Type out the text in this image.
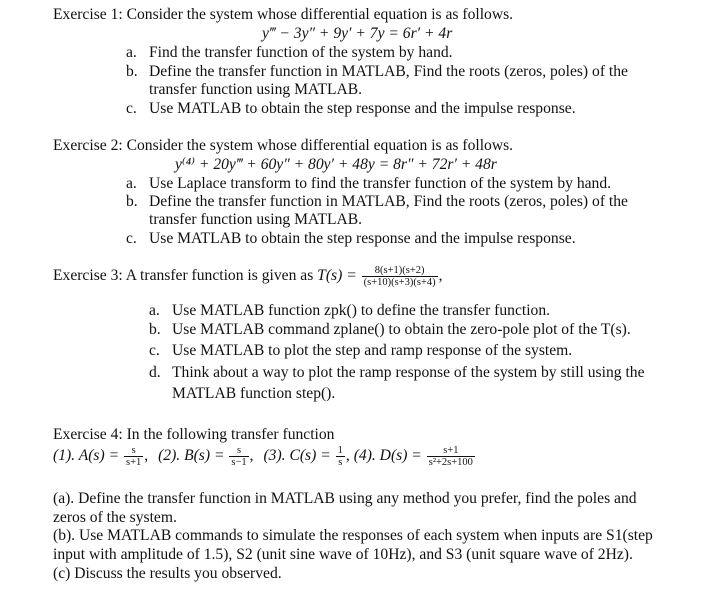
Exercise 1: Consider the system whose differential equation is as follows.
y‴ − 3y″ + 9y′ + 7y = 6r′ + 4r
a. Find the transfer function of the system by hand.
b. Define the transfer function in MATLAB, Find the roots (zeros, poles) of the
transfer function using MATLAB.
c. Use MATLAB to obtain the step response and the impulse response.
Exercise 2: Consider the system whose differential equation is as follows.
y⁽⁴⁾ + 20y‴ + 60y″ + 80y′ + 48y = 8r″ + 72r′ + 48r
a. Use Laplace transform to find the transfer function of the system by hand.
b. Define the transfer function in MATLAB, Find the roots (zeros, poles) of the
transfer function using MATLAB.
c. Use MATLAB to obtain the step response and the impulse response.
Exercise 3: A transfer function is given as $T(s) = \frac{8(s+1)(s+2)}{(s+10)(s+3)(s+4)}$ ,
a. Use MATLAB function zpk() to define the transfer function.
b. Use MATLAB command zplane() to obtain the zero-pole plot of the T(s).
c. Use MATLAB to plot the step and ramp response of the system.
d. Think about a way to plot the ramp response of the system by still using the
MATLAB function step().
Exercise 4: In the following transfer function
(1). $A(s) = \frac{s}{s+1}$ , (2). $B(s) = \frac{s}{s-1}$ , (3). $C(s) = \frac{1}{s}$ , (4). $D(s) = \frac{s+1}{\text{s²+2s+100}}$
(a). Define the transfer function in MATLAB using any method you prefer, find the poles and
zeros of the system.
(b). Use MATLAB commands to simulate the responses of each system when inputs are S1(step
input with amplitude of 1.5), S2 (unit sine wave of 10Hz), and S3 (unit square wave of 2Hz).
(c) Discuss the results you observed.
